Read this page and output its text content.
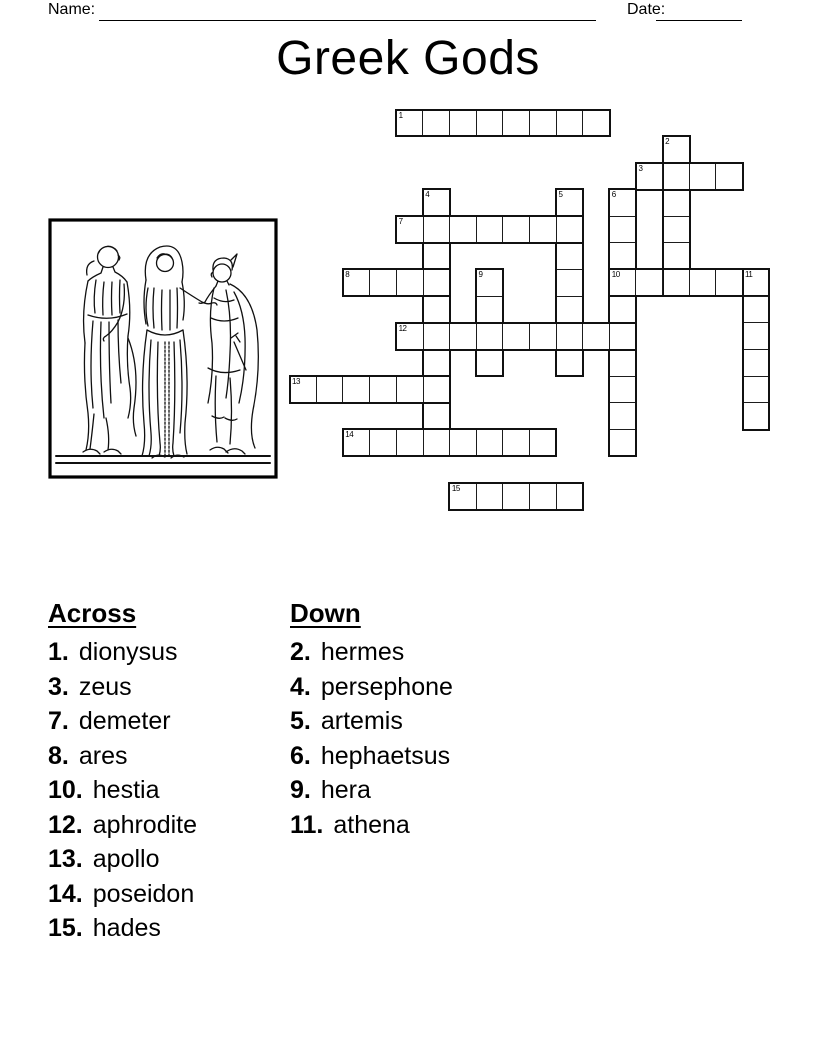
Name:	Date:
Greek Gods
1
2
3
4	5	6
10
7
8	9	11
12
13
14
15
Across
1. dionysus
3. zeus
7. demeter
8. ares
10. hestia
12. aphrodite
13. apollo
14. poseidon
15. hades
Down
2. hermes
4. persephone
5. artemis
6. hephaetsus
9. hera
11. athena
